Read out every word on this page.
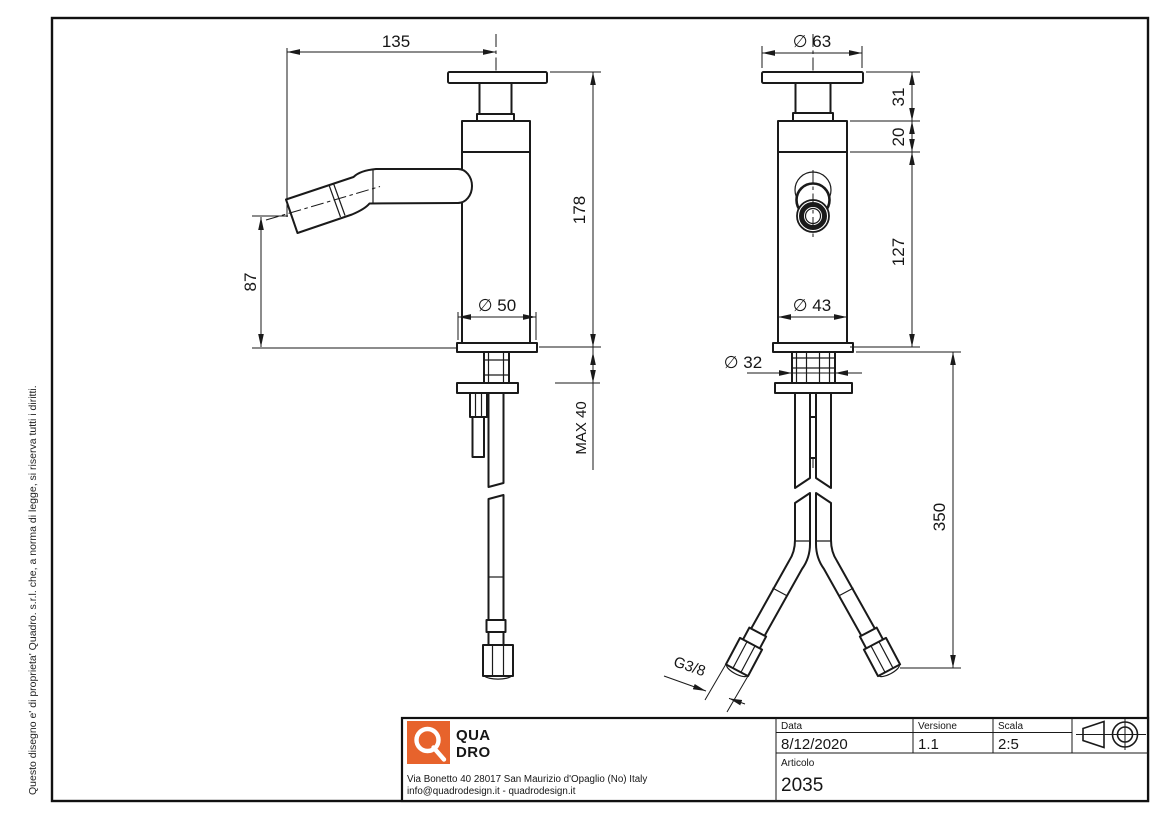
Questo disegno e' di proprieta' Quadro. s.r.l. che, a norma di legge, si riserva tutti i diritti.
135
87
178
MAX 40
∅ 50
∅ 63
31
20
127
∅ 43
∅ 32
350
G3/8
QUA
DRO
Via Bonetto 40 28017 San Maurizio d'Opaglio (No) Italy
info@quadrodesign.it - quadrodesign.it
Data
8/12/2020
Versione
1.1
Scala
2:5
Articolo
2035
